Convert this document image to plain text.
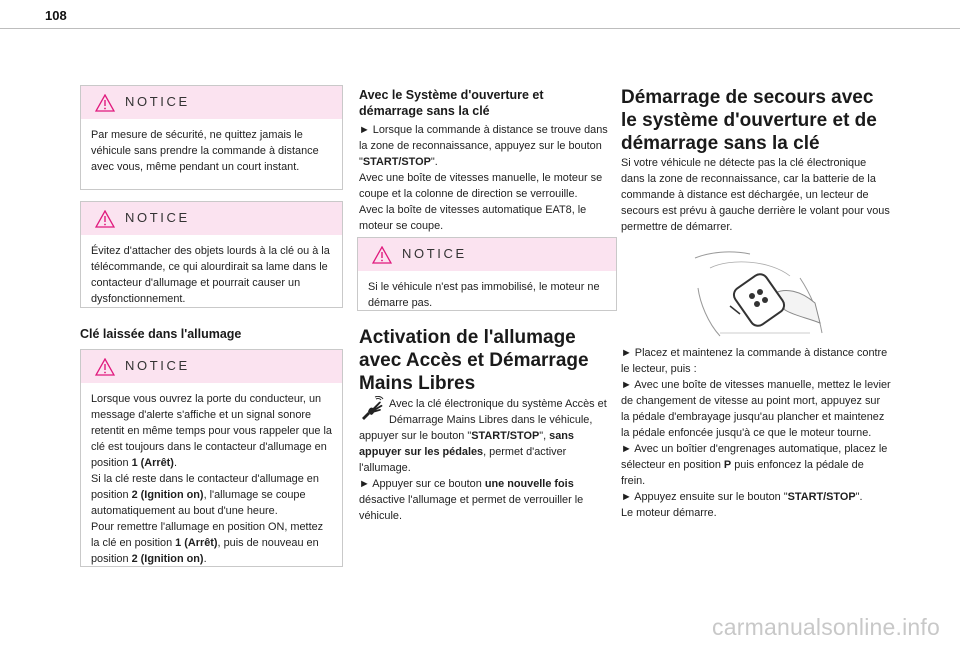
108
NOTICE

Par mesure de sécurité, ne quittez jamais le véhicule sans prendre la commande à distance avec vous, même pendant un court instant.

NOTICE

Évitez d'attacher des objets lourds à la clé ou à la télécommande, ce qui alourdirait sa lame dans le contacteur d'allumage et pourrait causer un dysfonctionnement.

Clé laissée dans l'allumage
NOTICE

Lorsque vous ouvrez la porte du conducteur, un message d'alerte s'affiche et un signal sonore retentit en même temps pour vous rappeler que la clé est toujours dans le contacteur d'allumage en position 1 (Arrêt).

Si la clé reste dans le contacteur d'allumage en position 2 (Ignition on), l'allumage se coupe automatiquement au bout d'une heure.

Pour remettre l'allumage en position ON, mettez la clé en position 1 (Arrêt), puis de nouveau en position 2 (Ignition on).

Avec le Système d'ouverture et démarrage sans la clé

► Lorsque la commande à distance se trouve dans la zone de reconnaissance, appuyez sur le bouton "START/STOP".

Avec une boîte de vitesses manuelle, le moteur se coupe et la colonne de direction se verrouille.

Avec la boîte de vitesses automatique EAT8, le moteur se coupe.

NOTICE

Si le véhicule n'est pas immobilisé, le moteur ne démarre pas.

Activation de l'allumage avec Accès et Démarrage Mains Libres

Avec la clé électronique du système Accès et Démarrage Mains Libres dans le véhicule, appuyer sur le bouton "START/STOP", sans appuyer sur les pédales, permet d'activer l'allumage.

► Appuyer sur ce bouton une nouvelle fois désactive l'allumage et permet de verrouiller le véhicule.

Démarrage de secours avec le système d'ouverture et de démarrage sans la clé
Si votre véhicule ne détecte pas la clé électronique dans la zone de reconnaissance, car la batterie de la commande à distance est déchargée, un lecteur de secours est prévu à gauche derrière le volant pour vous permettre de démarrer.

► Placez et maintenez la commande à distance contre le lecteur, puis :

► Avec une boîte de vitesses manuelle, mettez le levier de changement de vitesse au point mort, appuyez sur la pédale d'embrayage jusqu'au plancher et maintenez la pédale enfoncée jusqu'à ce que le moteur tourne.

► Avec un boîtier d'engrenages automatique, placez le sélecteur en position P puis enfoncez la pédale de frein.

► Appuyez ensuite sur le bouton "START/STOP".

Le moteur démarre.

carmanualsonline.info
